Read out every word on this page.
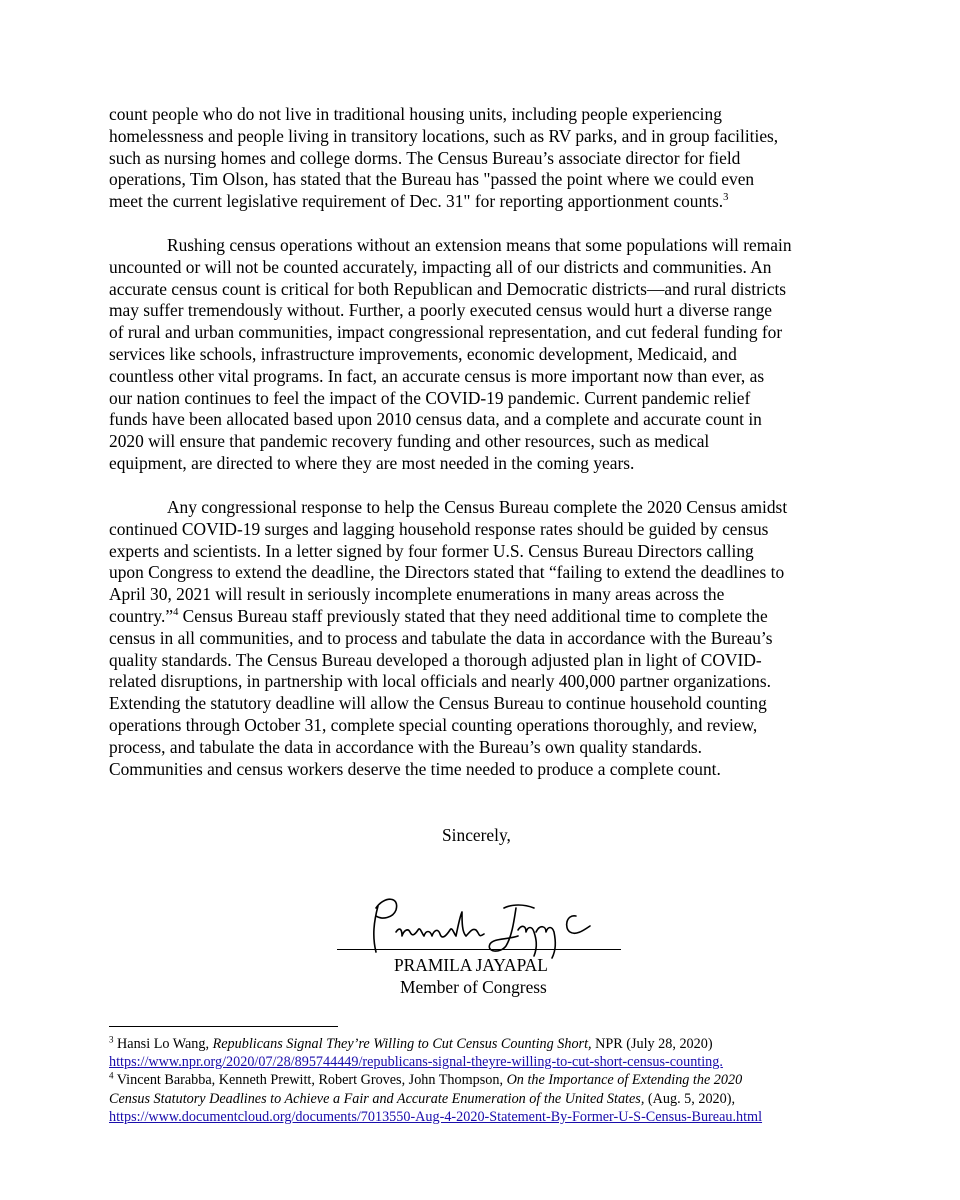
count people who do not live in traditional housing units, including people experiencing
homelessness and people living in transitory locations, such as RV parks, and in group facilities,
such as nursing homes and college dorms. The Census Bureau’s associate director for field
operations, Tim Olson, has stated that the Bureau has "passed the point where we could even
meet the current legislative requirement of Dec. 31" for reporting apportionment counts.$^3$
Rushing census operations without an extension means that some populations will remain
uncounted or will not be counted accurately, impacting all of our districts and communities. An
accurate census count is critical for both Republican and Democratic districts—and rural districts
may suffer tremendously without. Further, a poorly executed census would hurt a diverse range
of rural and urban communities, impact congressional representation, and cut federal funding for
services like schools, infrastructure improvements, economic development, Medicaid, and
countless other vital programs. In fact, an accurate census is more important now than ever, as
our nation continues to feel the impact of the COVID-19 pandemic. Current pandemic relief
funds have been allocated based upon 2010 census data, and a complete and accurate count in
2020 will ensure that pandemic recovery funding and other resources, such as medical
equipment, are directed to where they are most needed in the coming years.
Any congressional response to help the Census Bureau complete the 2020 Census amidst
continued COVID-19 surges and lagging household response rates should be guided by census
experts and scientists. In a letter signed by four former U.S. Census Bureau Directors calling
upon Congress to extend the deadline, the Directors stated that “failing to extend the deadlines to
April 30, 2021 will result in seriously incomplete enumerations in many areas across the
country.”$^4$ Census Bureau staff previously stated that they need additional time to complete the
census in all communities, and to process and tabulate the data in accordance with the Bureau’s
quality standards. The Census Bureau developed a thorough adjusted plan in light of COVID-
related disruptions, in partnership with local officials and nearly 400,000 partner organizations.
Extending the statutory deadline will allow the Census Bureau to continue household counting
operations through October 31, complete special counting operations thoroughly, and review,
process, and tabulate the data in accordance with the Bureau’s own quality standards.
Communities and census workers deserve the time needed to produce a complete count.
Sincerely,
PRAMILA JAYAPAL
Member of Congress
$^3$ Hansi Lo Wang, Republicans Signal They’re Willing to Cut Census Counting Short, NPR (July 28, 2020)
https://www.npr.org/2020/07/28/895744449/republicans-signal-theyre-willing-to-cut-short-census-counting.
$^4$ Vincent Barabba, Kenneth Prewitt, Robert Groves, John Thompson, On the Importance of Extending the 2020
Census Statutory Deadlines to Achieve a Fair and Accurate Enumeration of the United States, (Aug. 5, 2020),
https://www.documentcloud.org/documents/7013550-Aug-4-2020-Statement-By-Former-U-S-Census-Bureau.html
